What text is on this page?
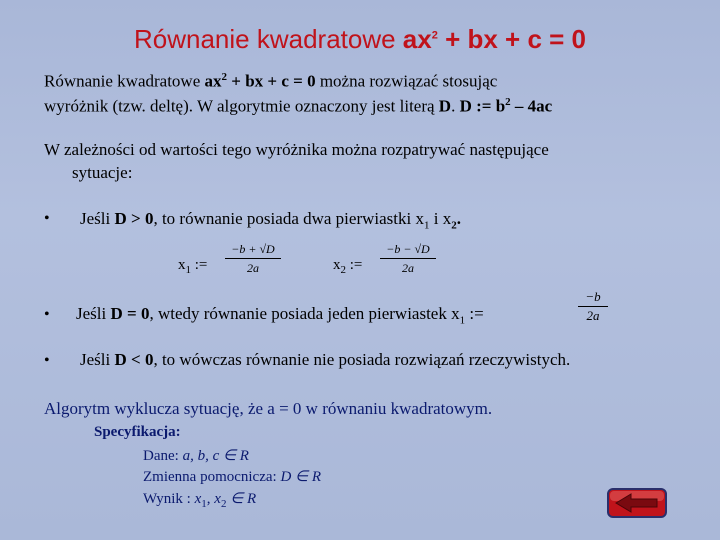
Równanie kwadratowe $ax^2$ + bx + c = 0
Równanie kwadratowe $ax^2$ + bx + c = 0 można rozwiązać stosując
wyróżnik (tzw. deltę). W algorytmie oznaczony jest literą D. D := $b^2 - 4ac$
W zależności od wartości tego wyróżnika można rozpatrywać następujące
sytuacje:
• Jeśli D > 0, to równanie posiada dwa pierwiastki $x_1$ i $x_2$.
$x_1$ :=
−b + √D
2a	$x_2$ :=
−b − √D
2a
• Jeśli D = 0, wtedy równanie posiada jeden pierwiastek $x_1$ :=
−b
2a
• Jeśli D < 0, to wówczas równanie nie posiada rozwiązań rzeczywistych.
Algorytm wyklucza sytuację, że a = 0 w równaniu kwadratowym.
Specyfikacja:
Dane: a, b, c ∈ R
Zmienna pomocnicza: D ∈ R
Wynik : $x_1$, $x_2$ ∈ R
